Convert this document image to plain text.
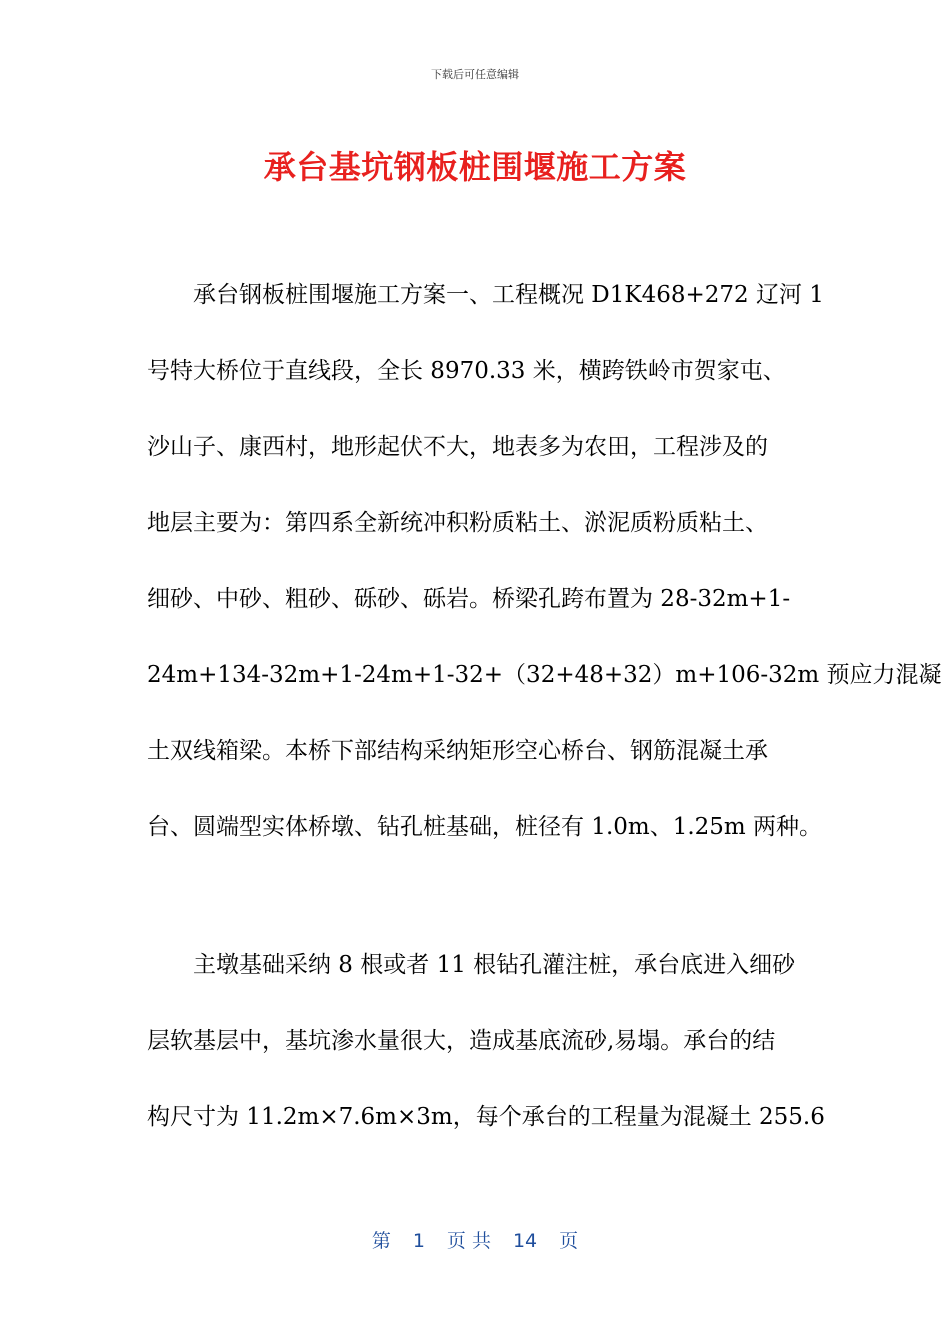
下载后可任意编辑
承台基坑钢板桩围堰施工方案
　　承台钢板桩围堰施工方案一、工程概况 D1K468+272 辽河 1
号特大桥位于直线段，全长 8970.33 米，横跨铁岭市贺家屯、
沙山子、康西村，地形起伏不大，地表多为农田，工程涉及的
地层主要为：第四系全新统冲积粉质粘土、淤泥质粉质粘土、
细砂、中砂、粗砂、砾砂、砾岩。桥梁孔跨布置为 28-32m+1-
24m+134-32m+1-24m+1-32+（32+48+32）m+106-32m 预应力混凝
土双线箱梁。本桥下部结构采纳矩形空心桥台、钢筋混凝土承
台、圆端型实体桥墩、钻孔桩基础，桩径有 1.0m、1.25m 两种。
　　主墩基础采纳 8 根或者 11 根钻孔灌注桩，承台底进入细砂
层软基层中，基坑渗水量很大，造成基底流砂,易塌。承台的结
构尺寸为 11.2m×7.6m×3m，每个承台的工程量为混凝土 255.6
第 1 页 共 14 页
